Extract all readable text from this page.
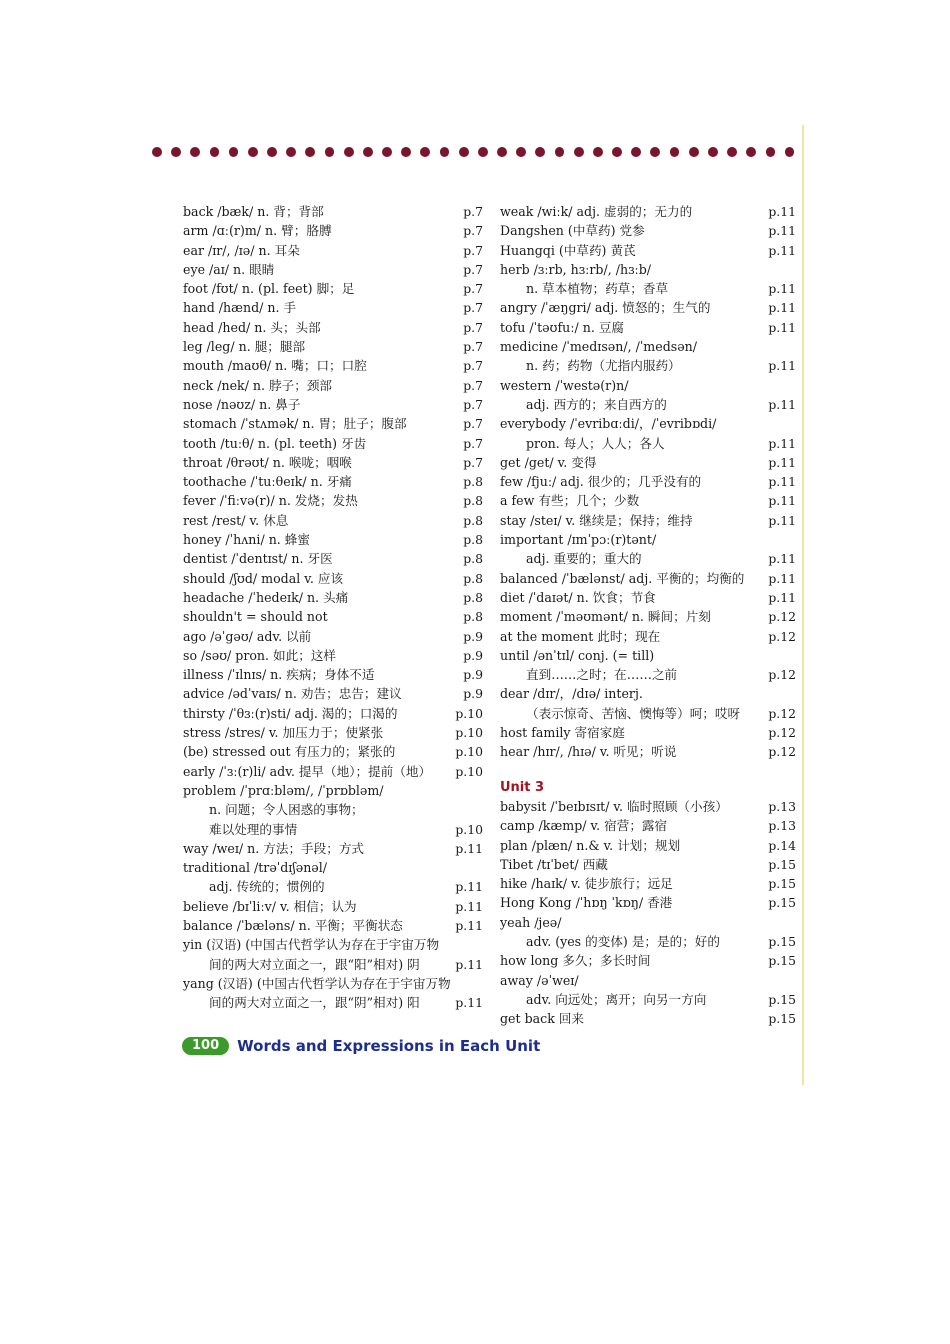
back /bæk/ n. 背；背部	p.7
arm /ɑː(r)m/ n. 臂；胳膊	p.7
ear /ɪr/, /ɪə/ n. 耳朵	p.7
eye /aɪ/ n. 眼睛	p.7
foot /fʊt/ n. (pl. feet) 脚；足	p.7
hand /hænd/ n. 手	p.7
head /hed/ n. 头；头部	p.7
leg /leg/ n. 腿；腿部	p.7
mouth /maʊθ/ n. 嘴；口；口腔	p.7
neck /nek/ n. 脖子；颈部	p.7
nose /nəʊz/ n. 鼻子	p.7
stomach /ˈstʌmək/ n. 胃；肚子；腹部	p.7
tooth /tuːθ/ n. (pl. teeth) 牙齿	p.7
throat /θrəʊt/ n. 喉咙；咽喉	p.7
toothache /ˈtuːθeɪk/ n. 牙痛	p.8
fever /ˈfiːvə(r)/ n. 发烧；发热	p.8
rest /rest/ v. 休息	p.8
honey /ˈhʌni/ n. 蜂蜜	p.8
dentist /ˈdentɪst/ n. 牙医	p.8
should /ʃʊd/ modal v. 应该	p.8
headache /ˈhedeɪk/ n. 头痛	p.8
shouldn't = should not	p.8
ago /əˈgəʊ/ adv. 以前	p.9
so /səʊ/ pron. 如此；这样	p.9
illness /ˈɪlnɪs/ n. 疾病；身体不适	p.9
advice /ədˈvaɪs/ n. 劝告；忠告；建议	p.9
thirsty /ˈθɜː(r)sti/ adj. 渴的；口渴的	p.10
stress /stres/ v. 加压力于；使紧张	p.10
(be) stressed out 有压力的；紧张的	p.10
early /ˈɜː(r)li/ adv. 提早（地）；提前（地） p.10
problem /ˈprɑːbləm/, /ˈprɒbləm/
n. 问题；令人困惑的事物；
难以处理的事情	p.10
way /weɪ/ n. 方法；手段；方式	p.11
traditional /trəˈdɪʃənəl/
adj. 传统的；惯例的	p.11
believe /bɪˈliːv/ v. 相信；认为	p.11
balance /ˈbæləns/ n. 平衡；平衡状态	p.11
yin (汉语) (中国古代哲学认为存在于宇宙万物
间的两大对立面之一，跟“阳”相对) 阴	p.11
yang (汉语) (中国古代哲学认为存在于宇宙万物
间的两大对立面之一，跟“阴”相对) 阳	p.11
weak /wiːk/ adj. 虚弱的；无力的	p.11
Dangshen (中草药) 党参	p.11
Huangqi (中草药) 黄芪	p.11
herb /ɜːrb, hɜːrb/, /hɜːb/
n. 草本植物；药草；香草	p.11
angry /ˈæŋgri/ adj. 愤怒的；生气的	p.11
tofu /ˈtəʊfuː/ n. 豆腐	p.11
medicine /ˈmedɪsən/, /ˈmedsən/
n. 药；药物（尤指内服药）	p.11
western /ˈwestə(r)n/
adj. 西方的；来自西方的	p.11
everybody /ˈevribɑːdi/，/ˈevribɒdi/
pron. 每人；人人；各人	p.11
get /get/ v. 变得	p.11
few /fjuː/ adj. 很少的；几乎没有的	p.11
a few 有些；几个；少数	p.11
stay /steɪ/ v. 继续是；保持；维持	p.11
important /ɪmˈpɔː(r)tənt/
adj. 重要的；重大的	p.11
balanced /ˈbælənst/ adj. 平衡的；均衡的 p.11
diet /ˈdaɪət/ n. 饮食；节食	p.11
moment /ˈməʊmənt/ n. 瞬间；片刻	p.12
at the moment 此时；现在	p.12
until /ənˈtɪl/ conj. (= till)
直到……之时；在……之前	p.12
dear /dɪr/，/dɪə/ interj.
（表示惊奇、苦恼、懊悔等）呵；哎呀 p.12
host family 寄宿家庭	p.12
hear /hɪr/, /hɪə/ v. 听见；听说	p.12
Unit 3
babysit /ˈbeɪbɪsɪt/ v. 临时照顾（小孩）	p.13
camp /kæmp/ v. 宿营；露宿	p.13
plan /plæn/ n.& v. 计划；规划	p.14
Tibet /tɪˈbet/ 西藏	p.15
hike /haɪk/ v. 徒步旅行；远足	p.15
Hong Kong /ˈhɒŋ ˈkɒŋ/ 香港	p.15
yeah /jeə/
adv. (yes 的变体) 是；是的；好的	p.15
how long 多久；多长时间	p.15
away /əˈweɪ/
adv. 向远处；离开；向另一方向	p.15
get back 回来	p.15
100	Words and Expressions in Each Unit
